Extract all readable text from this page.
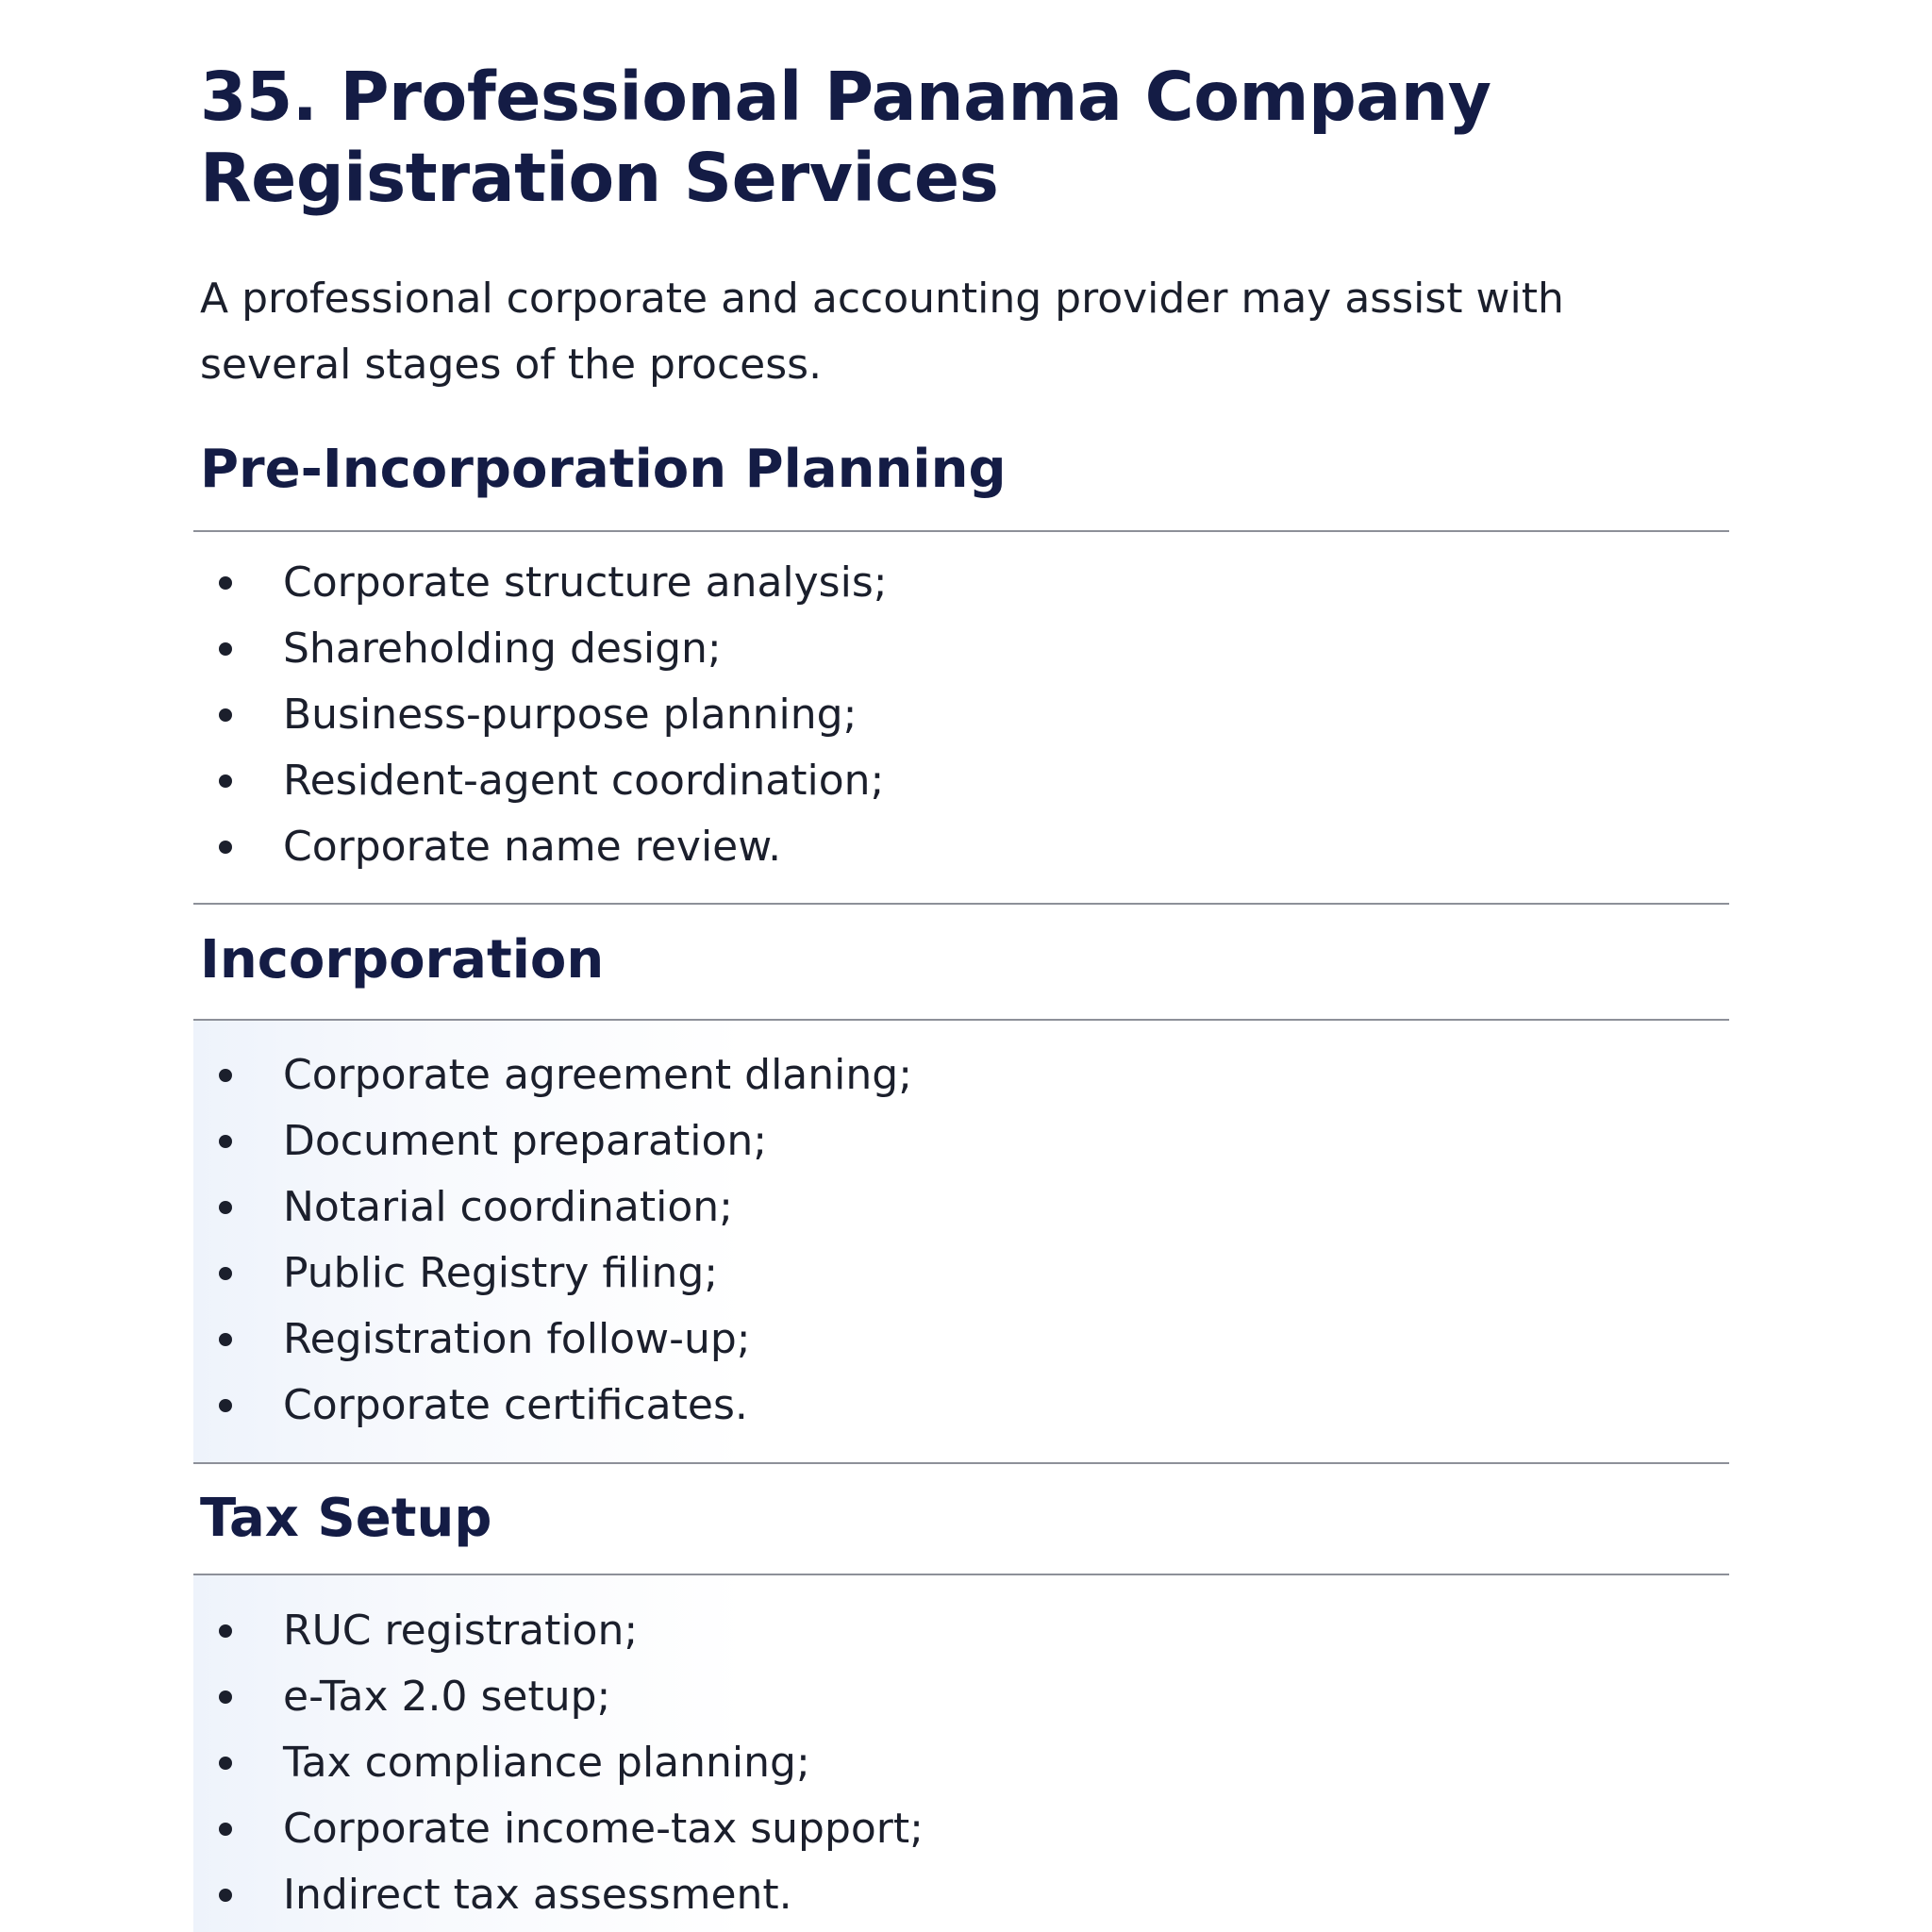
35. Professional Panama Company Registration Services

A professional corporate and accounting provider may assist with several stages of the process.

Pre-Incorporation Planning
Corporate structure analysis;
Shareholding design;
Business-purpose planning;
Resident-agent coordination;
Corporate name review.
Incorporation
Corporate agreement dlaning;
Document preparation;
Notarial coordination;
Public Registry filing;
Registration follow-up;
Corporate certificates.
Tax Setup
RUC registration;
e-Tax 2.0 setup;
Tax compliance planning;
Corporate income-tax support;
Indirect tax assessment.
